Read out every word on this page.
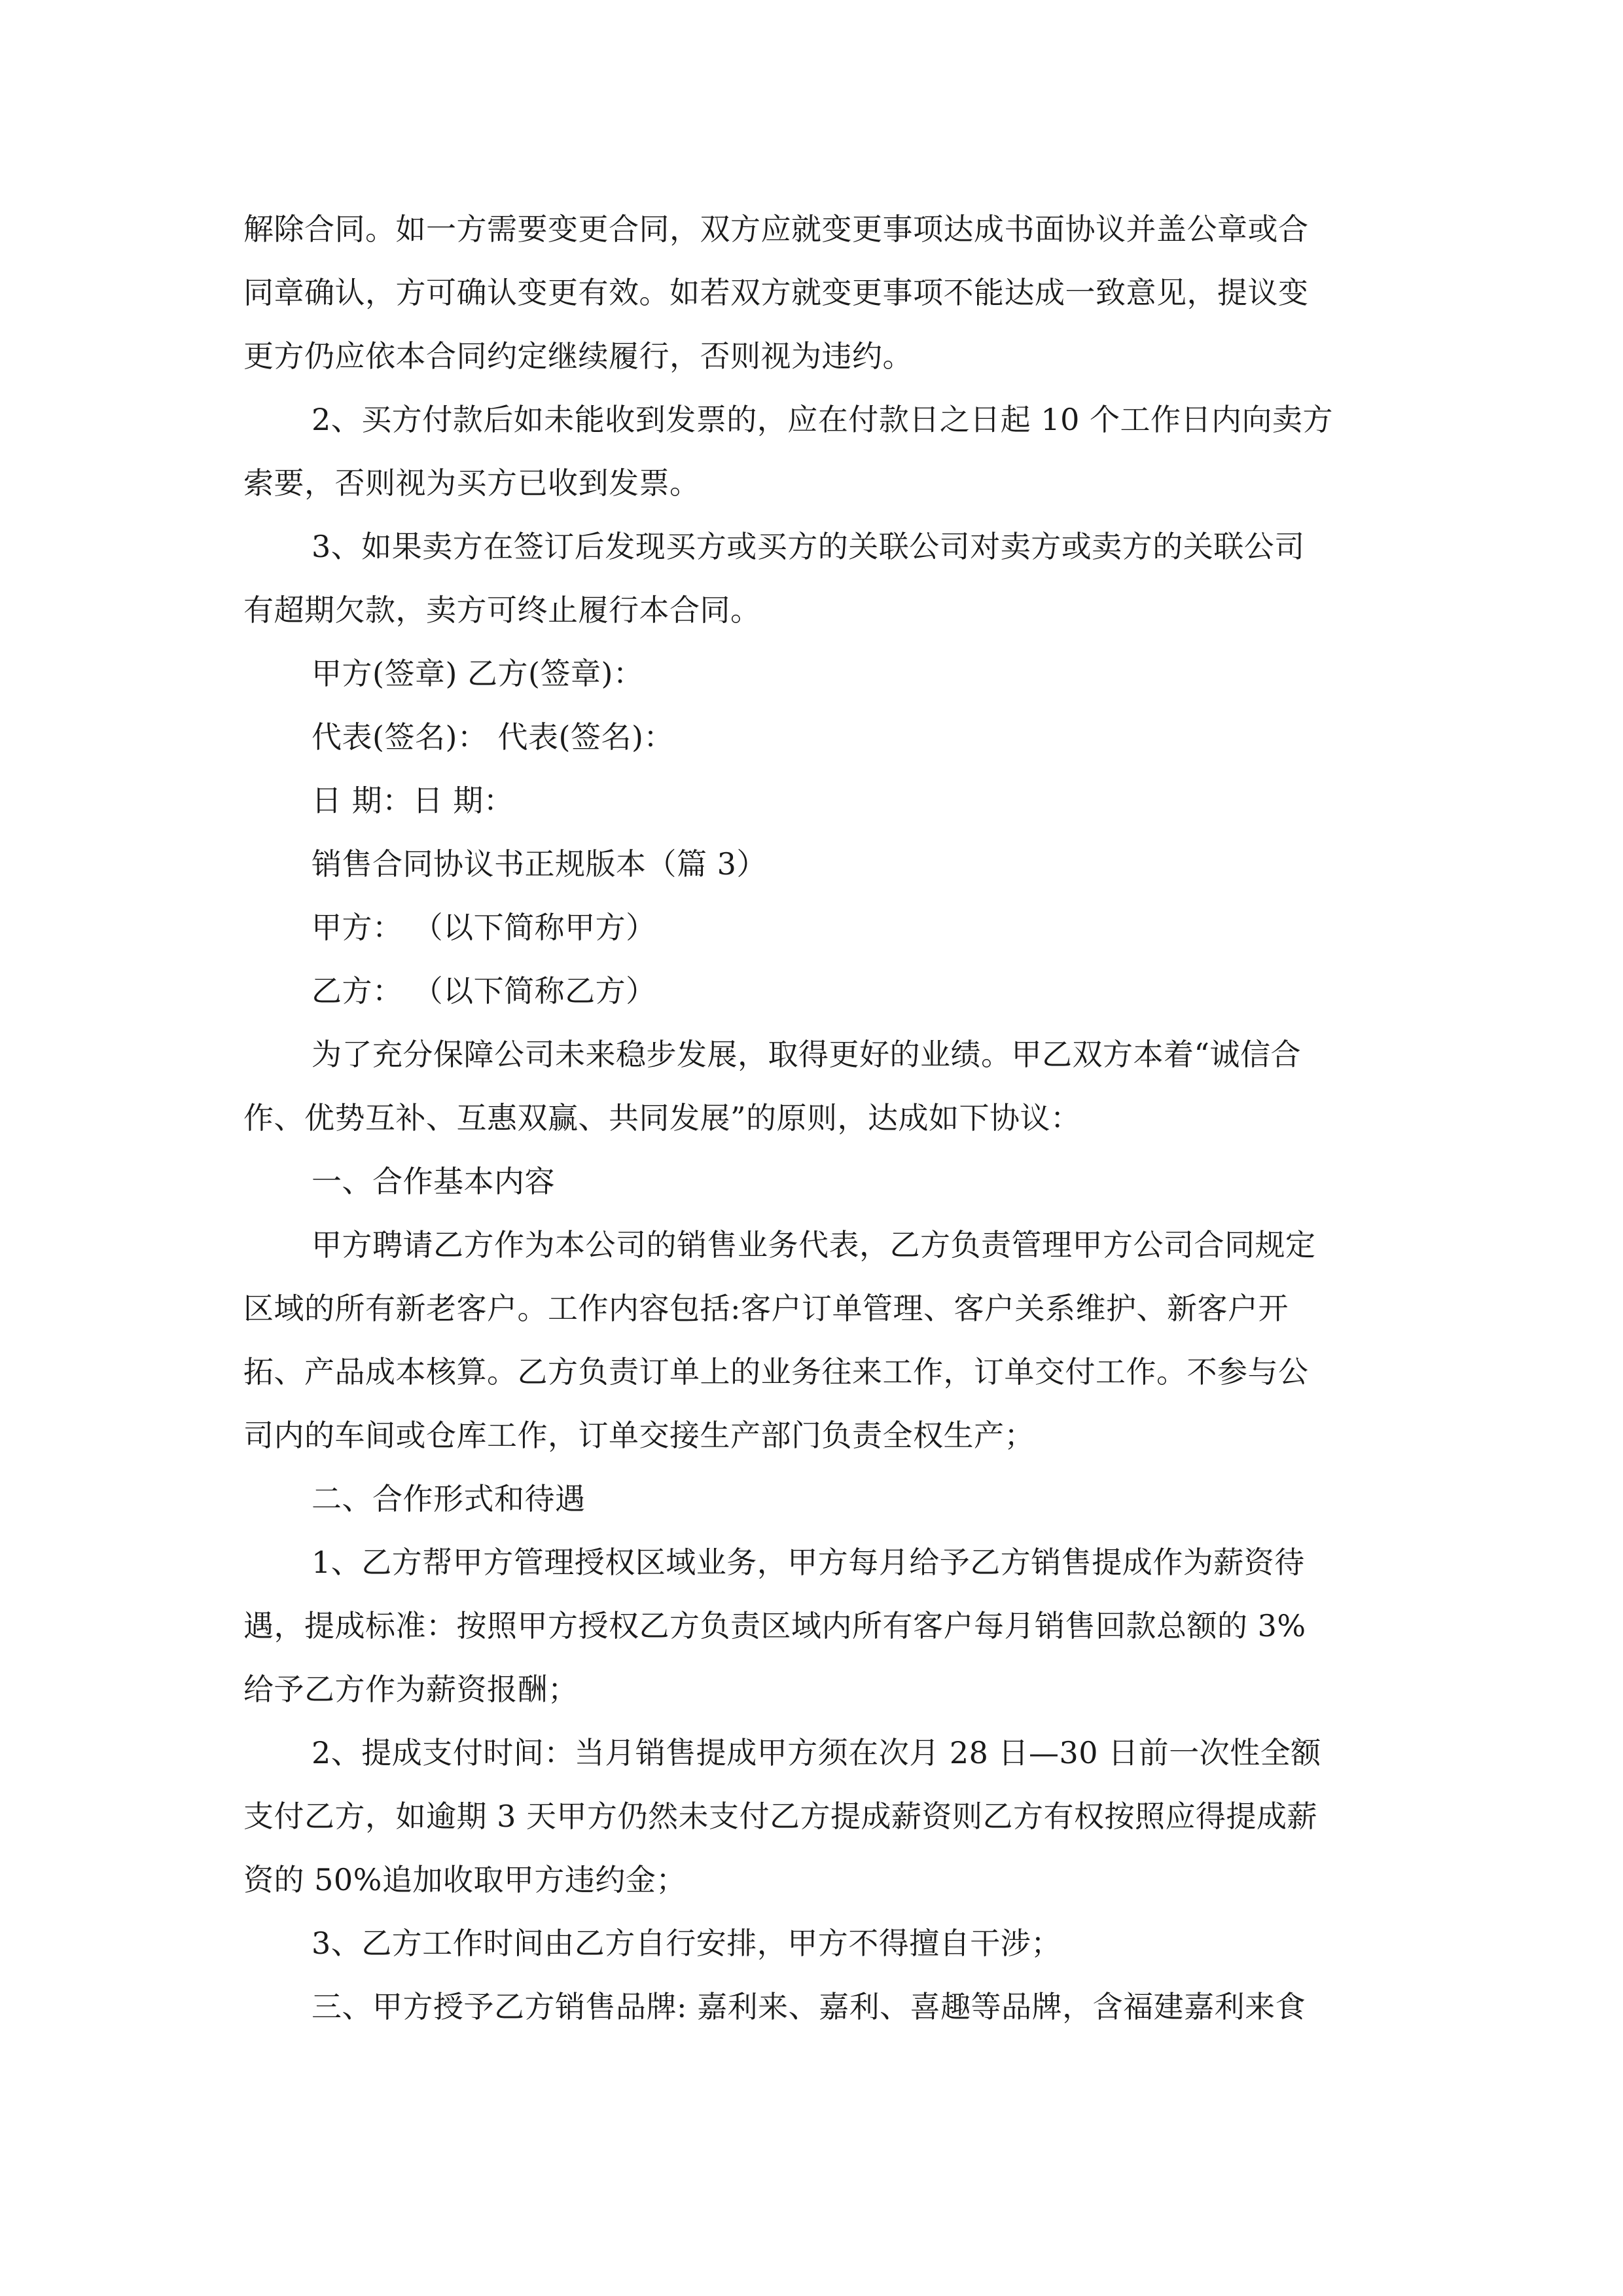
解除合同。如一方需要变更合同，双方应就变更事项达成书面协议并盖公章或合
同章确认，方可确认变更有效。如若双方就变更事项不能达成一致意见，提议变
更方仍应依本合同约定继续履行，否则视为违约。
2、买方付款后如未能收到发票的，应在付款日之日起 10 个工作日内向卖方
索要，否则视为买方已收到发票。
3、如果卖方在签订后发现买方或买方的关联公司对卖方或卖方的关联公司
有超期欠款，卖方可终止履行本合同。
甲方(签章) 乙方(签章)：
代表(签名)： 代表(签名)：
日 期：日 期：
销售合同协议书正规版本（篇 3）
甲方： （以下简称甲方）
乙方： （以下简称乙方）
为了充分保障公司未来稳步发展，取得更好的业绩。甲乙双方本着“诚信合
作、优势互补、互惠双赢、共同发展”的原则，达成如下协议：
一、合作基本内容
甲方聘请乙方作为本公司的销售业务代表，乙方负责管理甲方公司合同规定
区域的所有新老客户。工作内容包括:客户订单管理、客户关系维护、新客户开
拓、产品成本核算。乙方负责订单上的业务往来工作，订单交付工作。不参与公
司内的车间或仓库工作，订单交接生产部门负责全权生产；
二、合作形式和待遇
1、乙方帮甲方管理授权区域业务，甲方每月给予乙方销售提成作为薪资待
遇，提成标准：按照甲方授权乙方负责区域内所有客户每月销售回款总额的 3%
给予乙方作为薪资报酬；
2、提成支付时间：当月销售提成甲方须在次月 28 日—30 日前一次性全额
支付乙方，如逾期 3 天甲方仍然未支付乙方提成薪资则乙方有权按照应得提成薪
资的 50%追加收取甲方违约金；
3、乙方工作时间由乙方自行安排，甲方不得擅自干涉；
三、甲方授予乙方销售品牌: 嘉利来、嘉利、喜趣等品牌，含福建嘉利来食
